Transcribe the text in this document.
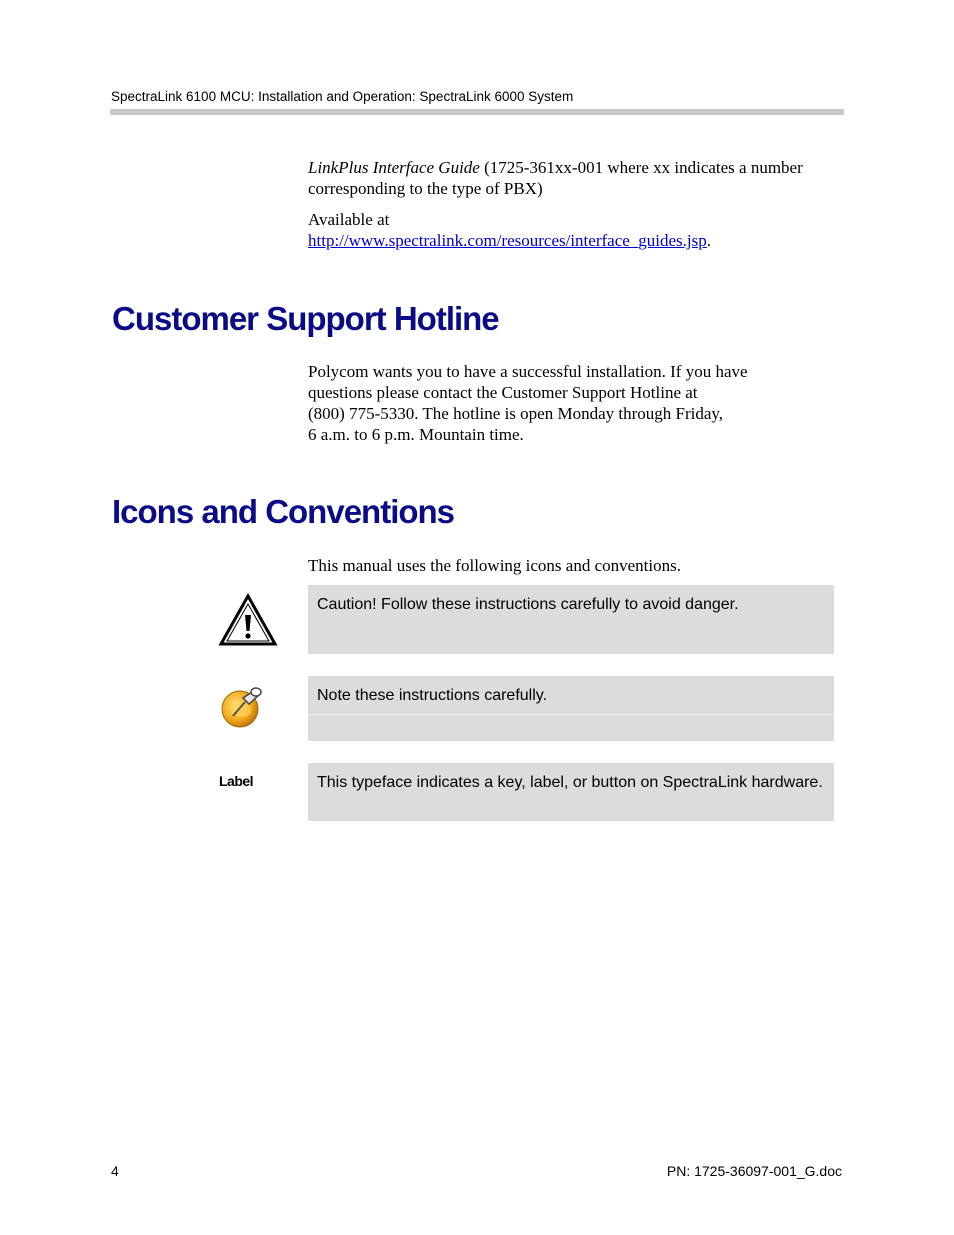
SpectraLink 6100 MCU: Installation and Operation: SpectraLink 6000 System

LinkPlus Interface Guide (1725-361xx-001 where xx indicates a number

corresponding to the type of PBX)

Available at

http://www.spectralink.com/resources/interface_guides.jsp.

Customer Support Hotline

Polycom wants you to have a successful installation. If you have

questions please contact the Customer Support Hotline at

(800) 775-5330. The hotline is open Monday through Friday,

6 a.m. to 6 p.m. Mountain time.

Icons and Conventions
This manual uses the following icons and conventions.
Caution! Follow these instructions carefully to avoid danger.
Note these instructions carefully.
Label	This typeface indicates a key, label, or button on SpectraLink hardware.
4	PN: 1725-36097-001_G.doc
